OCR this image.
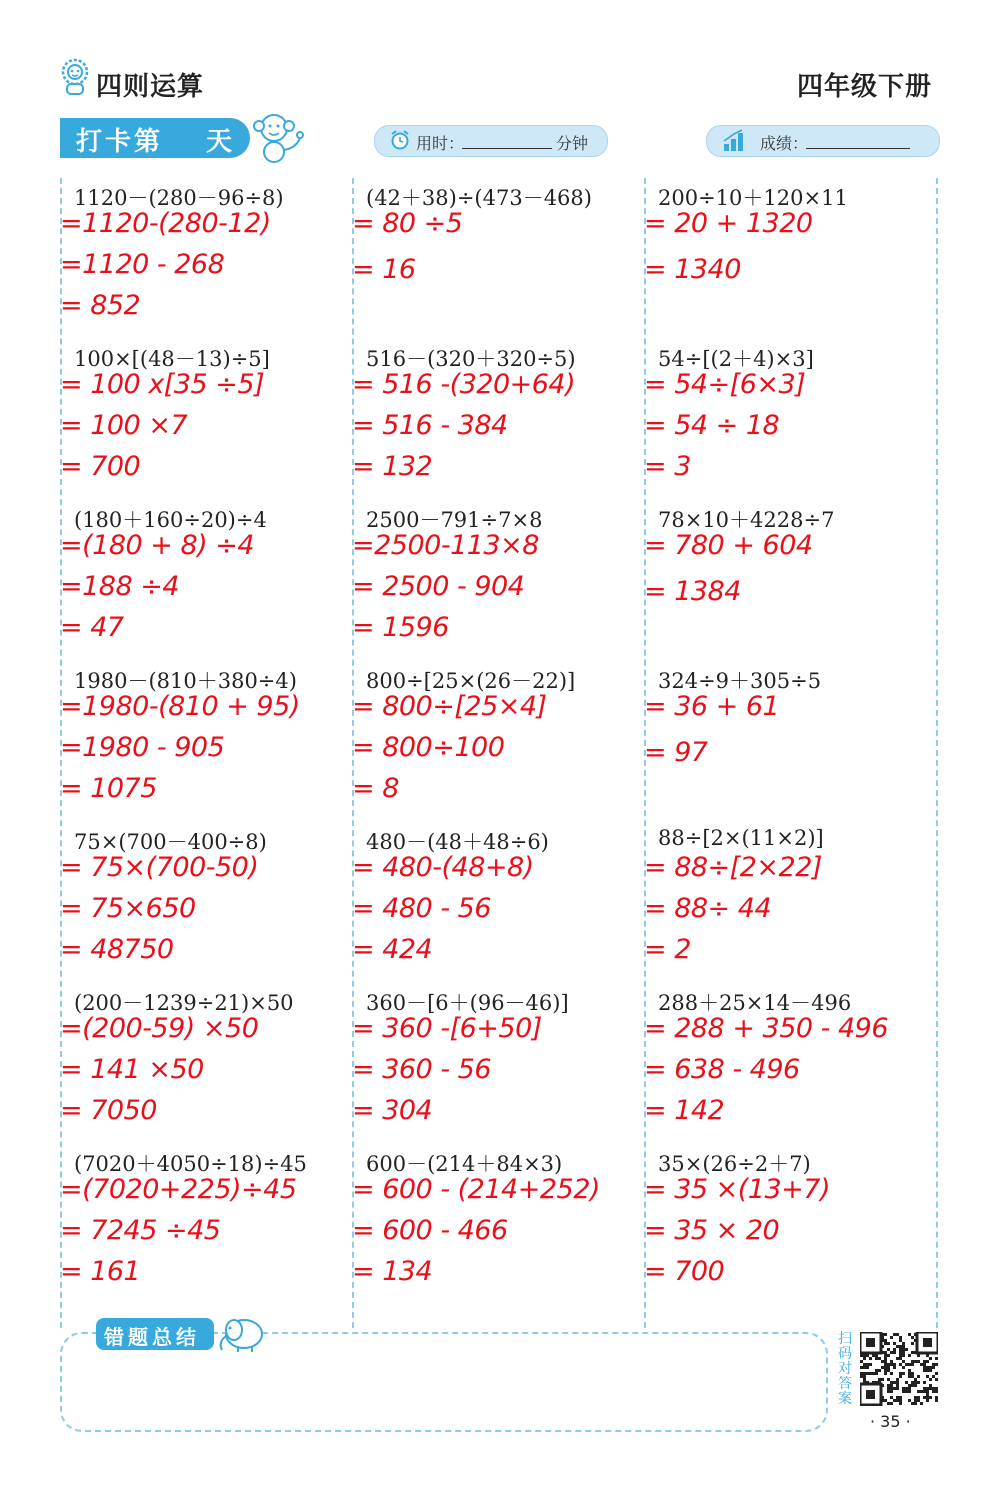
四则运算	四年级下册
打卡第 天	用时：	分钟	成绩：
1120－(280－96÷8)
=1120-(280-12)
=1120 - 268
= 852
100×[(48－13)÷5]
= 100 x[35 ÷5]
= 100 ×7
= 700
(180＋160÷20)÷4
=(180 + 8) ÷4
=188 ÷4
= 47
1980－(810＋380÷4)
=1980-(810 + 95)
=1980 - 905
= 1075
75×(700－400÷8)
= 75×(700-50)
= 75×650
= 48750
(200－1239÷21)×50
=(200-59) ×50
= 141 ×50
= 7050
(7020＋4050÷18)÷45
=(7020+225)÷45
= 7245 ÷45
= 161
(42＋38)÷(473－468)
= 80 ÷5
= 16
516－(320＋320÷5)
= 516 -(320+64)
= 516 - 384
= 132
2500－791÷7×8
=2500-113×8
= 2500 - 904
= 1596
800÷[25×(26－22)]
= 800÷[25×4]
= 800÷100
= 8
480－(48＋48÷6)
= 480-(48+8)
= 480 - 56
= 424
360－[6＋(96－46)]
= 360 -[6+50]
= 360 - 56
= 304
600－(214＋84×3)
= 600 - (214+252)
= 600 - 466
= 134
200÷10＋120×11
= 20 + 1320
= 1340
54÷[(2＋4)×3]
= 54÷[6×3]
= 54 ÷ 18
= 3
78×10＋4228÷7
= 780 + 604
= 1384
324÷9＋305÷5
= 36 + 61
= 97
88÷[2×(11×2)]
= 88÷[2×22]
= 88÷ 44
= 2
288＋25×14－496
= 288 + 350 - 496
= 638 - 496
= 142
35×(26÷2＋7)
= 35 ×(13+7)
= 35 × 20
= 700
错题总结	扫码对答案
· 35 ·
